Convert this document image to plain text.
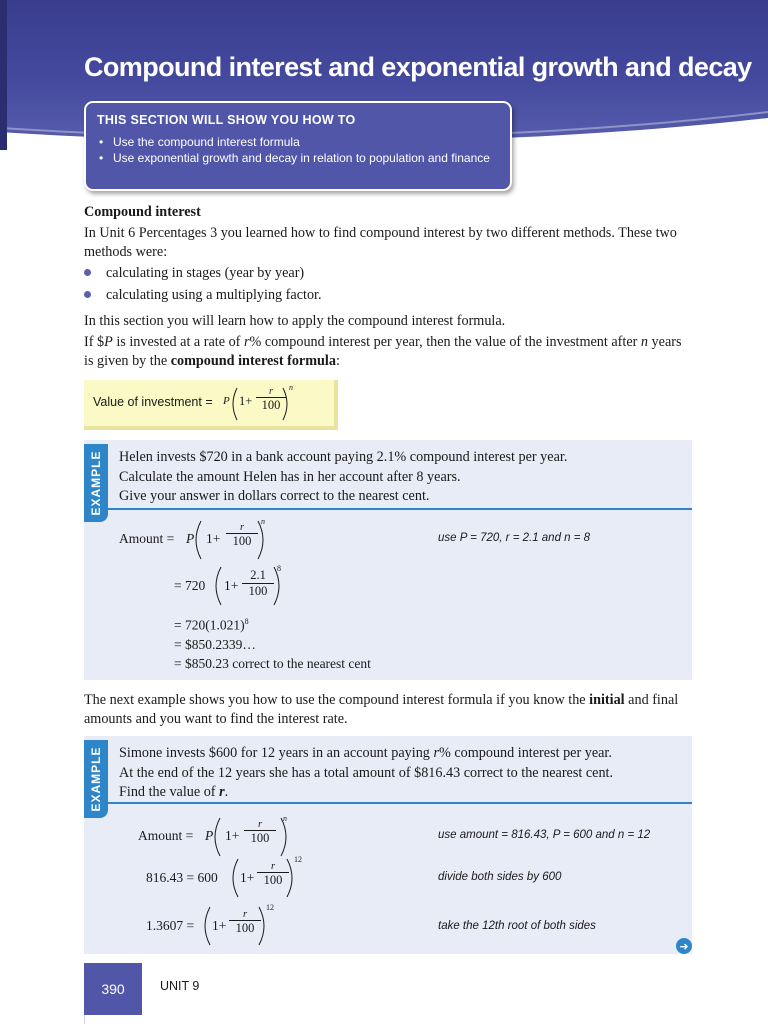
Compound interest and exponential growth and decay
THIS SECTION WILL SHOW YOU HOW TO
• Use the compound interest formula
• Use exponential growth and decay in relation to population and finance

Compound interest

In Unit 6 Percentages 3 you learned how to find compound interest by two different methods. These two methods were:

calculating in stages (year by year)
calculating using a multiplying factor.

In this section you will learn how to apply the compound interest formula.

If $P is invested at a rate of r% compound interest per year, then the value of the investment after n years is given by the compound interest formula:

Value of investment = P 1+
r
100
n
EXAMPLE Helen invests $720 in a bank account paying 2.1% compound interest per year.
Calculate the amount Helen has in her account after 8 years.
Give your answer in dollars correct to the nearest cent.
Amount = P 1+
r
100
n
use P = 720, r = 2.1 and n = 8
= 720 $1+ \frac{2.1}{100} 8$
= $720(1.021)^8$
= $850.2339…
= $850.23 correct to the nearest cent

The next example shows you how to use the compound interest formula if you know the initial and final amounts and you want to find the interest rate.

EXAMPLE Simone invests $600 for 12 years in an account paying r% compound interest per year.
At the end of the 12 years she has a total amount of $816.43 correct to the nearest cent.
Find the value of r.
Amount = P 1+
r
100
n
use amount = 816.43, P = 600 and n = 12
816.43 = 600 1+
r
100
12
divide both sides by 600
1.3607 = 1+
r
100
12
take the 12th root of both sides
➜
390	UNIT 9
